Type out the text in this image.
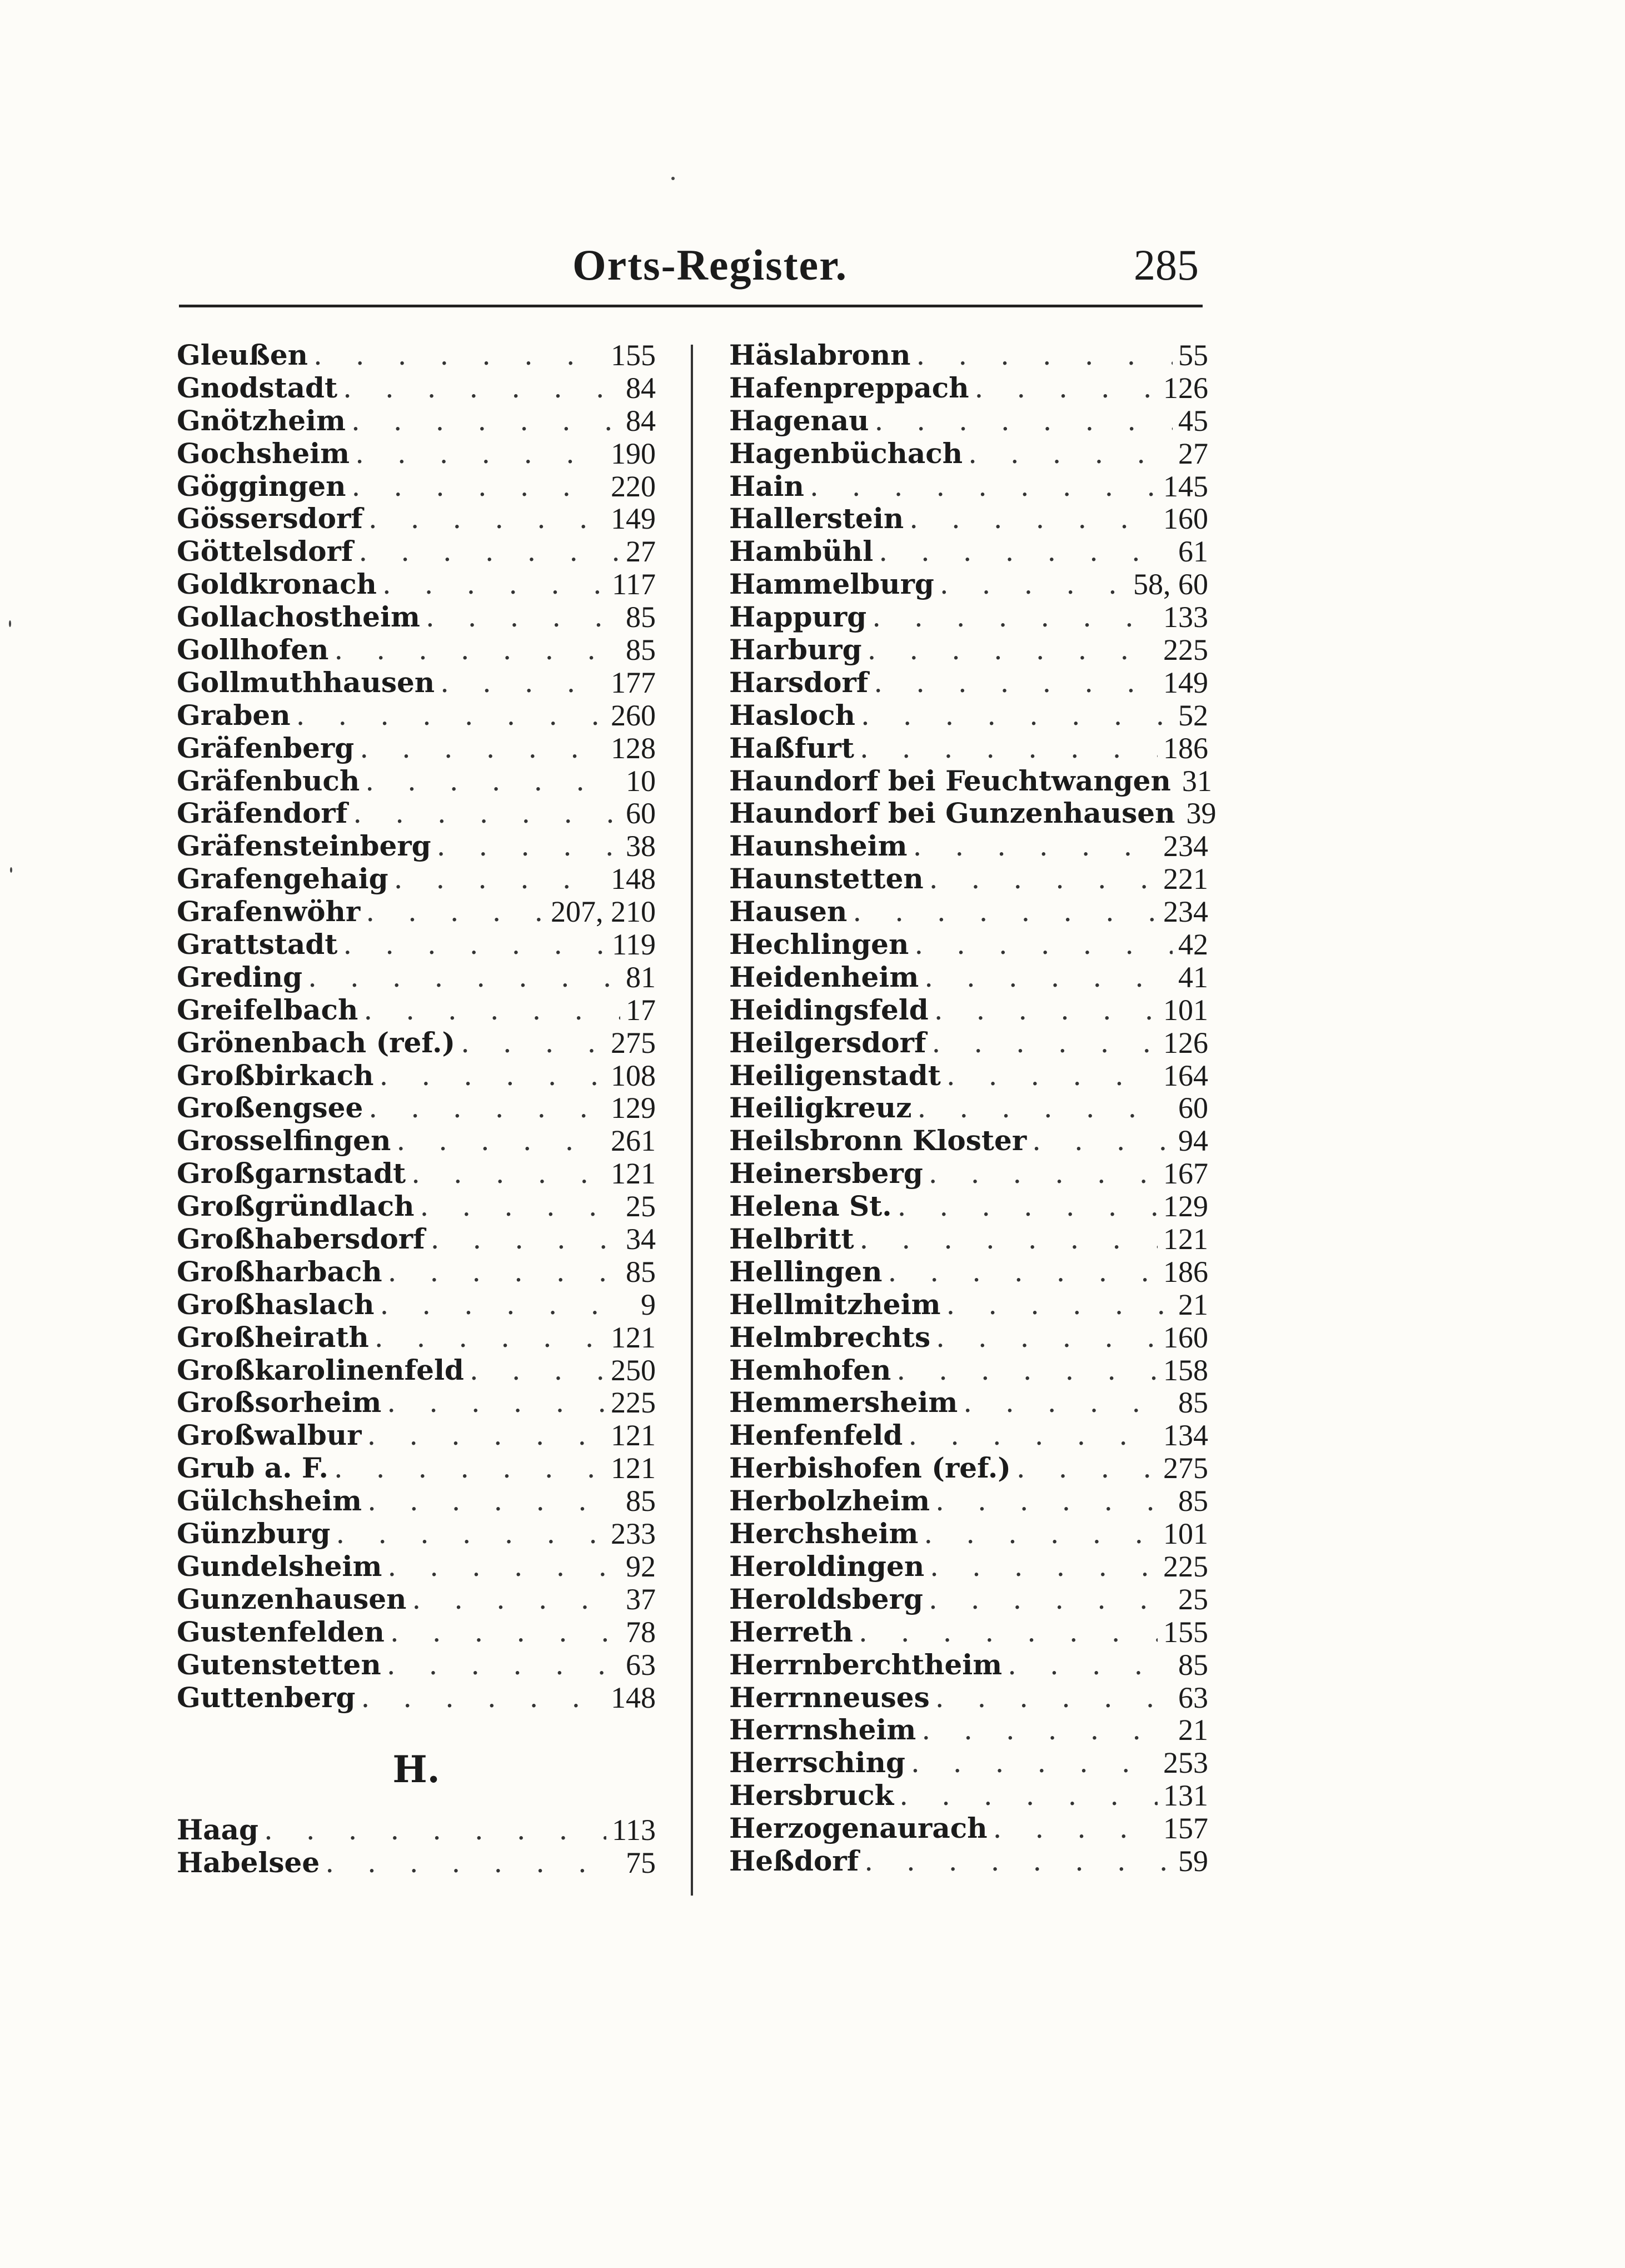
Orts-Register.	285
Gleußen . . .	155
Gnodstadt . . .	84
Gnötzheim . . .	84
Gochsheim . . .	190
Göggingen . . .	220
Gössersdorf . . .	149
Göttelsdorf . . .	27
Goldkronach . . .	117
Gollachostheim . . .	85
Gollhofen . . .	85
Gollmuthhausen . . .	177
Graben . . .	260
Gräfenberg . . .	128
Gräfenbuch . . .	10
Gräfendorf . . .	60
Gräfensteinberg . . .	38
Grafengehaig . . .	148
Grafenwöhr . . .	207, 210
Grattstadt . . .	119
Greding . . .	81
Greifelbach . . .	17
Grönenbach (ref.) . . .	275
Großbirkach . . .	108
Großengsee . . .	129
Grosselfingen . . .	261
Großgarnstadt . . .	121
Großgründlach . . .	25
Großhabersdorf . . .	34
Großharbach . . .	85
Großhaslach . . .	9
Großheirath . . .	121
Großkarolinenfeld . . .	250
Großsorheim . . .	225
Großwalbur . . .	121
Grub a. F. . . .	121
Gülchsheim . . .	85
Günzburg . . .	233
Gundelsheim . . .	92
Gunzenhausen . . .	37
Gustenfelden . . .	78
Gutenstetten . . .	63
Guttenberg . . .	148
H.
Haag . . .	113
Habelsee . . .	75
Häslabronn . . .	55
Hafenpreppach . . .	126
Hagenau . . .	45
Hagenbüchach . . .	27
Hain . . .	145
Hallerstein . . .	160
Hambühl . . .	61
Hammelburg . . .	58, 60
Happurg . . .	133
Harburg . . .	225
Harsdorf . . .	149
Hasloch . . .	52
Haßfurt . . .	186
Haundorf bei Feuchtwangen 31
Haundorf bei Gunzenhausen 39
Haunsheim . . .	234
Haunstetten . . .	221
Hausen . . .	234
Hechlingen . . .	42
Heidenheim . . .	41
Heidingsfeld . . .	101
Heilgersdorf . . .	126
Heiligenstadt . . .	164
Heiligkreuz . . .	60
Heilsbronn Kloster . . .	94
Heinersberg . . .	167
Helena St. . . .	129
Helbritt . . .	121
Hellingen . . .	186
Hellmitzheim . . .	21
Helmbrechts . . .	160
Hemhofen . . .	158
Hemmersheim . . .	85
Henfenfeld . . .	134
Herbishofen (ref.) . . .	275
Herbolzheim . . .	85
Herchsheim . . .	101
Heroldingen . . .	225
Heroldsberg . . .	25
Herreth . . .	155
Herrnberchtheim . . .	85
Herrnneuses . . .	63
Herrnsheim . . .	21
Herrsching . . .	253
Hersbruck . . .	131
Herzogenaurach . . .	157
Heßdorf . . .	59
